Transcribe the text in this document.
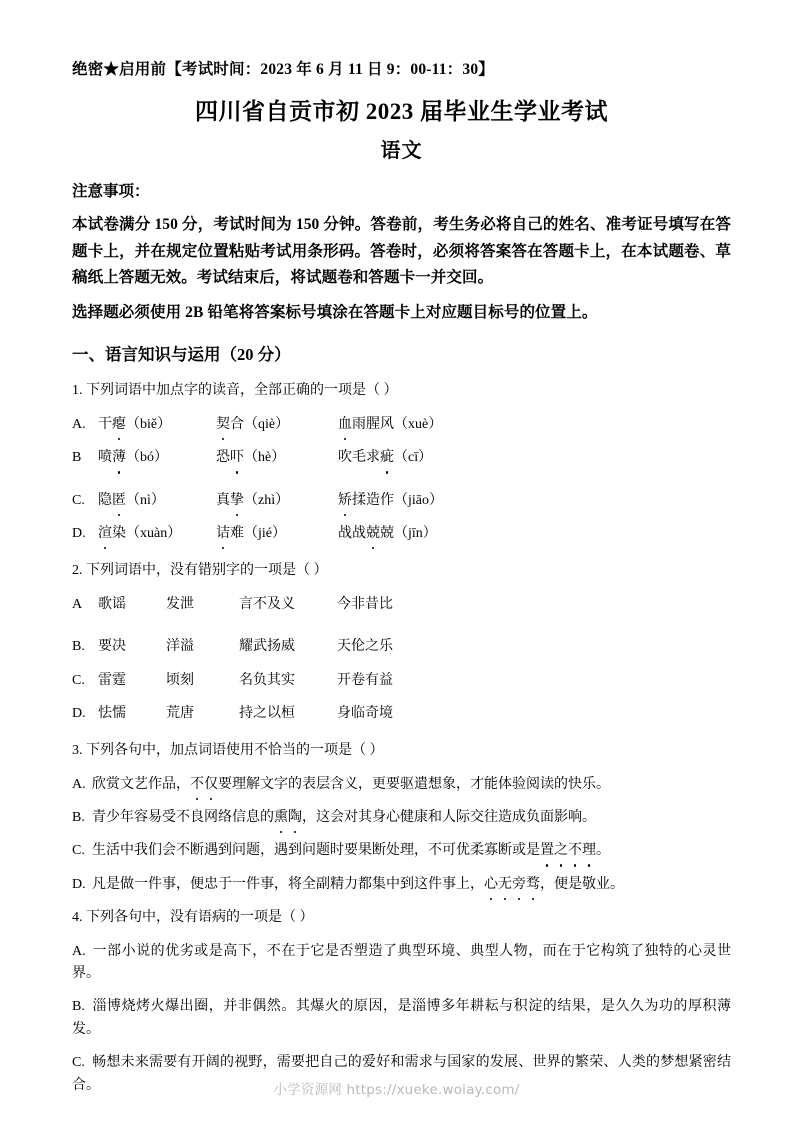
绝密★启用前【考试时间：2023 年 6 月 11 日 9：00-11：30】
四川省自贡市初 2023 届毕业生学业考试
语文
注意事项：

本试卷满分 150 分，考试时间为 150 分钟。答卷前，考生务必将自己的姓名、准考证号填写在答题卡上，并在规定位置粘贴考试用条形码。答卷时，必须将答案答在答题卡上，在本试题卷、草稿纸上答题无效。考试结束后，将试题卷和答题卡一并交回。

选择题必须使用 2B 铅笔将答案标号填涂在答题卡上对应题目标号的位置上。

一、语言知识与运用（20 分）
1. 下列词语中加点字的读音，全部正确的一项是（ ）
A. 干瘪（biě）	契合（qiè）	血雨腥风（xuè）
B 喷薄（bó）	恐吓（hè）	吹毛求疵（cī）
C. 隐匿（nì）	真挚（zhì）	矫揉造作（jiāo）
D. 渲染（xuàn） 诘难（jié）	战战兢兢（jīn）
2. 下列词语中，没有错别字的一项是（ ）
A 歌谣	发泄	言不及义	今非昔比
B. 要决	洋溢	耀武扬威	天伦之乐
C. 雷霆	顷刻	名负其实	开卷有益
D. 怯懦	荒唐	持之以桓	身临奇境
3. 下列各句中，加点词语使用不恰当的一项是（ ）
A. 欣赏文艺作品，不仅要理解文字的表层含义，更要驱遣想象，才能体验阅读的快乐。
B. 青少年容易受不良网络信息的熏陶，这会对其身心健康和人际交往造成负面影响。
C. 生活中我们会不断遇到问题，遇到问题时要果断处理，不可优柔寡断或是置之不理。
D. 凡是做一件事，便忠于一件事，将全副精力都集中到这件事上，心无旁骛，便是敬业。
4. 下列各句中，没有语病的一项是（ ）
A. 一部小说的优劣或是高下，不在于它是否塑造了典型环境、典型人物，而在于它构筑了独特的心灵世界。
B. 淄博烧烤火爆出圈，并非偶然。其爆火的原因，是淄博多年耕耘与积淀的结果，是久久为功的厚积薄发。
C. 畅想未来需要有开阔的视野，需要把自己的爱好和需求与国家的发展、世界的繁荣、人类的梦想紧密结合。	小学资源网 https://xueke.woiay.com/
